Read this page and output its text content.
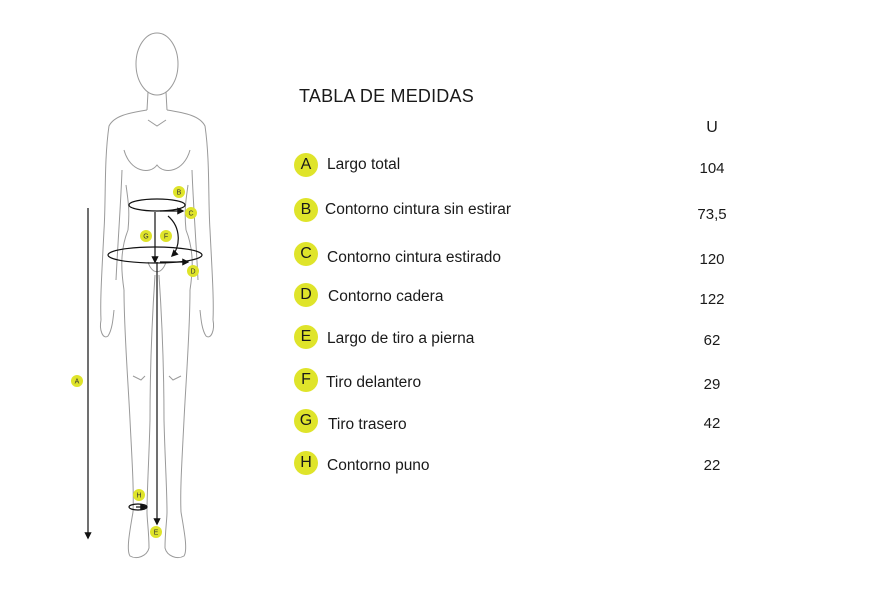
A
B
C
D
E
F
G
H
TABLA DE MEDIDAS
U
A	Largo total	104
B Contorno cintura sin estirar	73,5
C Contorno cintura estirado	120
D	Contorno cadera	122
E	Largo de tiro a pierna	62
F Tiro delantero	29
G	Tiro trasero	42
H Contorno puno	22
